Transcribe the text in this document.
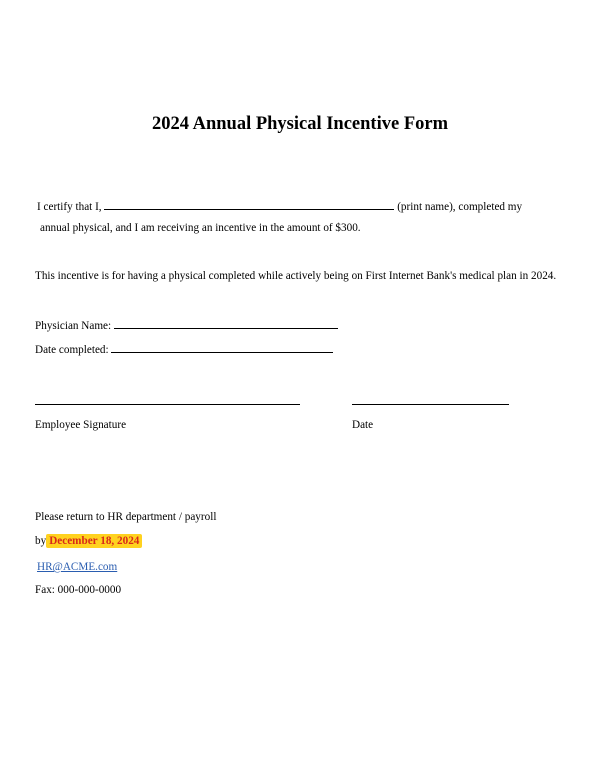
2024 Annual Physical Incentive Form
I certify that I,	(print name), completed my
annual physical, and I am receiving an incentive in the amount of $300.
This incentive is for having a physical completed while actively being on First Internet Bank's medical plan in 2024.
Physician Name:
Date completed:
Employee Signature	Date
Please return to HR department / payroll
by December 18, 2024
HR@ACME.com
Fax: 000-000-0000
